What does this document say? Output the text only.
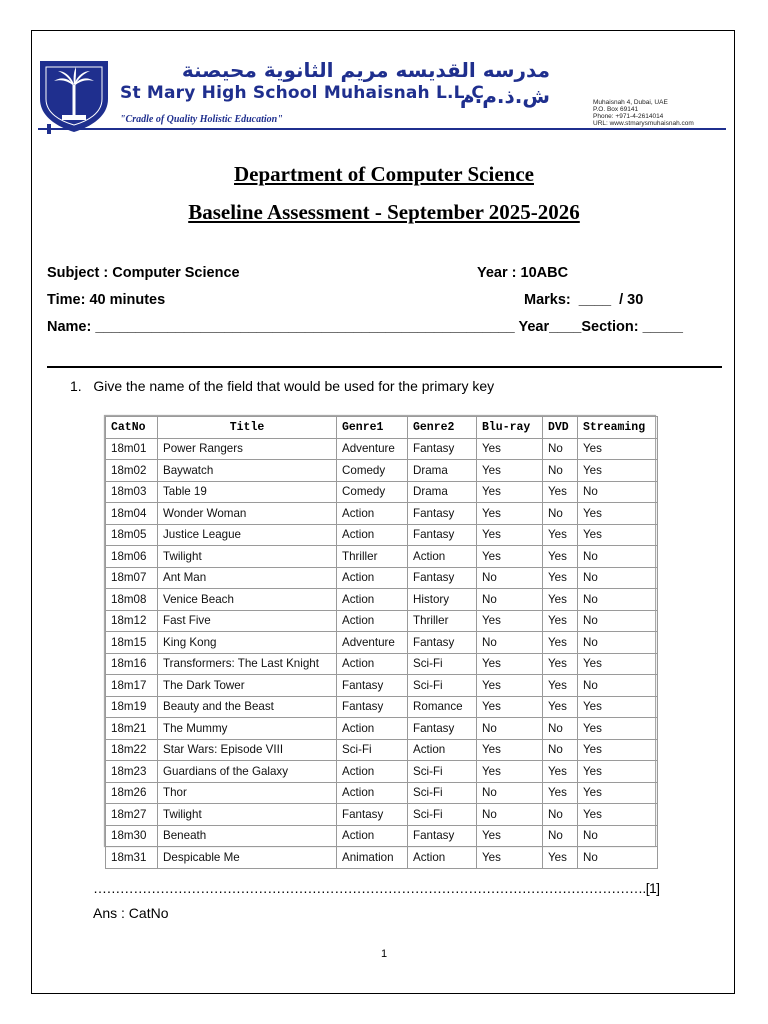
مدرسه القديسه مريم الثانوية محيصنة ش.ذ.م.م
St Mary High School Muhaisnah L.L.C
"Cradle of Quality Holistic Education"
Muhaisnah 4, Dubai, UAE
P.O. Box 69141
Phone: +971-4-2614014
URL: www.stmarysmuhaisnah.com
Department of Computer Science
Baseline Assessment - September 2025-2026
Subject : Computer Science	Year : 10ABC
Time: 40 minutes	Marks:  ____  / 30
Name: ____________________________________________________ Year____Section: _____
1.   Give the name of the field that would be used for the primary key
CatNo	Title	Genre1	Genre2	Blu-ray	DVD	Streaming
18m01	Power Rangers	Adventure	Fantasy	Yes	No	Yes
18m02	Baywatch	Comedy	Drama	Yes	No	Yes
18m03	Table 19	Comedy	Drama	Yes	Yes	No
18m04	Wonder Woman	Action	Fantasy	Yes	No	Yes
18m05	Justice League	Action	Fantasy	Yes	Yes	Yes
18m06	Twilight	Thriller	Action	Yes	Yes	No
18m07	Ant Man	Action	Fantasy	No	Yes	No
18m08	Venice Beach	Action	History	No	Yes	No
18m12	Fast Five	Action	Thriller	Yes	Yes	No
18m15	King Kong	Adventure	Fantasy	No	Yes	No
18m16	Transformers: The Last Knight	Action	Sci-Fi	Yes	Yes	Yes
18m17	The Dark Tower	Fantasy	Sci-Fi	Yes	Yes	No
18m19	Beauty and the Beast	Fantasy	Romance	Yes	Yes	Yes
18m21	The Mummy	Action	Fantasy	No	No	Yes
18m22	Star Wars: Episode VIII	Sci-Fi	Action	Yes	No	Yes
18m23	Guardians of the Galaxy	Action	Sci-Fi	Yes	Yes	Yes
18m26	Thor	Action	Sci-Fi	No	Yes	Yes
18m27	Twilight	Fantasy	Sci-Fi	No	No	Yes
18m30	Beneath	Action	Fantasy	Yes	No	No
18m31	Despicable Me	Animation	Action	Yes	Yes	No
…………………………………………………………………………………………………………….[1]
Ans : CatNo
1
